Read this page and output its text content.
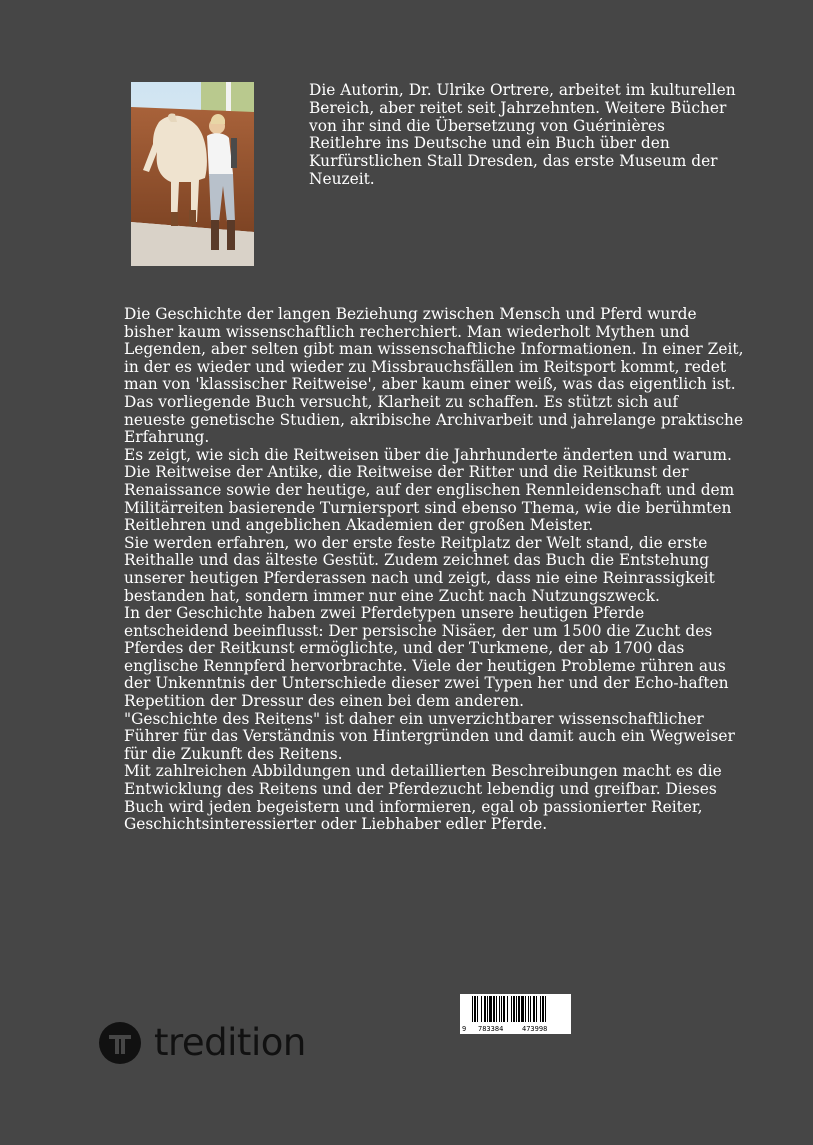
Die Autorin, Dr. Ulrike Ortrere, arbeitet im kulturellen Bereich, aber reitet seit Jahrzehnten. Weitere Bücher von ihr sind die Übersetzung von Guérinières Reitlehre ins Deutsche und ein Buch über den Kurfürstlichen Stall Dresden, das erste Museum der Neuzeit.

Die Geschichte der langen Beziehung zwischen Mensch und Pferd wurde bisher kaum wissenschaftlich recherchiert. Man wiederholt Mythen und Legenden, aber selten gibt man wissenschaftliche Informationen. In einer Zeit, in der es wieder und wieder zu Missbrauchsfällen im Reitsport kommt, redet man von 'klassischer Reitweise', aber kaum einer weiß, was das eigentlich ist.

Das vorliegende Buch versucht, Klarheit zu schaffen. Es stützt sich auf neueste genetische Studien, akribische Archivarbeit und jahrelange praktische Erfahrung.

Es zeigt, wie sich die Reitweisen über die Jahrhunderte änderten und warum. Die Reitweise der Antike, die Reitweise der Ritter und die Reitkunst der Renaissance sowie der heutige, auf der englischen Rennleidenschaft und dem Militärreiten basierende Turniersport sind ebenso Thema, wie die berühmten Reitlehren und angeblichen Akademien der großen Meister.

Sie werden erfahren, wo der erste feste Reitplatz der Welt stand, die erste Reithalle und das älteste Gestüt. Zudem zeichnet das Buch die Entstehung unserer heutigen Pferderassen nach und zeigt, dass nie eine Reinrassigkeit bestanden hat, sondern immer nur eine Zucht nach Nutzungszweck.

In der Geschichte haben zwei Pferdetypen unsere heutigen Pferde entscheidend beeinflusst: Der persische Nisäer, der um 1500 die Zucht des Pferdes der Reitkunst ermöglichte, und der Turkmene, der ab 1700 das englische Rennpferd hervorbrachte. Viele der heutigen Probleme rühren aus der Unkenntnis der Unterschiede dieser zwei Typen her und der Echo-haften Repetition der Dressur des einen bei dem anderen.

"Geschichte des Reitens" ist daher ein unverzichtbarer wissenschaftlicher Führer für das Verständnis von Hintergründen und damit auch ein Wegweiser für die Zukunft des Reitens.

Mit zahlreichen Abbildungen und detaillierten Beschreibungen macht es die Entwicklung des Reitens und der Pferdezucht lebendig und greifbar. Dieses Buch wird jeden begeistern und informieren, egal ob passionierter Reiter, Geschichtsinteressierter oder Liebhaber edler Pferde.

9

783384

	473998

tredition
